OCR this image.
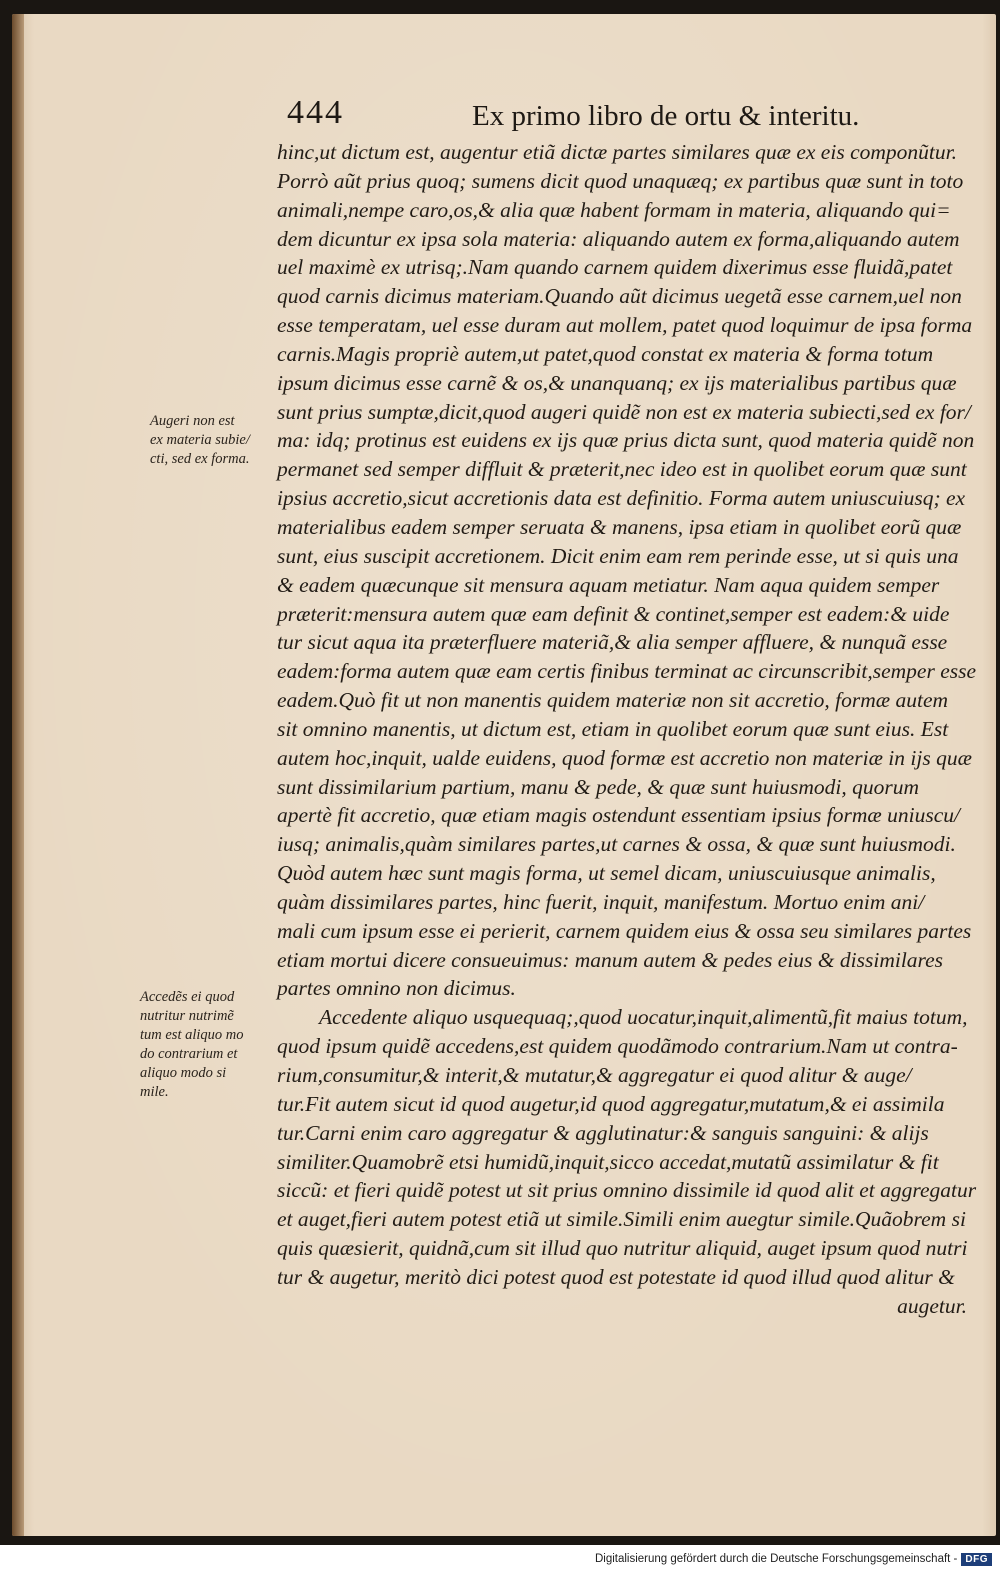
444	Ex primo libro de ortu & interitu.
hinc,ut dictum est, augentur etiã dictæ partes similares quæ ex eis componũtur.
Porrò aũt prius quoq; sumens dicit quod unaquæq; ex partibus quæ sunt in toto
animali,nempe caro,os,& alia quæ habent formam in materia, aliquando qui=
dem dicuntur ex ipsa sola materia: aliquando autem ex forma,aliquando autem
uel maximè ex utrisq;.Nam quando carnem quidem dixerimus esse fluidã,patet
quod carnis dicimus materiam.Quando aũt dicimus uegetã esse carnem,uel non
esse temperatam, uel esse duram aut mollem, patet quod loquimur de ipsa forma
carnis.Magis propriè autem,ut patet,quod constat ex materia & forma totum
ipsum dicimus esse carnẽ & os,& unanquanq; ex ijs materialibus partibus quæ
sunt prius sumptæ,dicit,quod augeri quidẽ non est ex materia subiecti,sed ex for/
ma: idq; protinus est euidens ex ijs quæ prius dicta sunt, quod materia quidẽ non
permanet sed semper diffluit & præterit,nec ideo est in quolibet eorum quæ sunt
ipsius accretio,sicut accretionis data est definitio. Forma autem uniuscuiusq; ex
materialibus eadem semper seruata & manens, ipsa etiam in quolibet eorũ quæ
sunt, eius suscipit accretionem. Dicit enim eam rem perinde esse, ut si quis una
& eadem quæcunque sit mensura aquam metiatur. Nam aqua quidem semper
præterit:mensura autem quæ eam definit & continet,semper est eadem:& uide
tur sicut aqua ita præterfluere materiã,& alia semper affluere, & nunquã esse
eadem:forma autem quæ eam certis finibus terminat ac circunscribit,semper esse
eadem.Quò fit ut non manentis quidem materiæ non sit accretio, formæ autem
sit omnino manentis, ut dictum est, etiam in quolibet eorum quæ sunt eius. Est
autem hoc,inquit, ualde euidens, quod formæ est accretio non materiæ in ijs quæ
sunt dissimilarium partium, manu & pede, & quæ sunt huiusmodi, quorum
apertè fit accretio, quæ etiam magis ostendunt essentiam ipsius formæ uniuscu/
iusq; animalis,quàm similares partes,ut carnes & ossa, & quæ sunt huiusmodi.
Quòd autem hæc sunt magis forma, ut semel dicam, uniuscuiusque animalis,
quàm dissimilares partes, hinc fuerit, inquit, manifestum. Mortuo enim ani/
mali cum ipsum esse ei perierit, carnem quidem eius & ossa seu similares partes
etiam mortui dicere consueuimus: manum autem & pedes eius & dissimilares
partes omnino non dicimus.
Accedente aliquo usquequaq;,quod uocatur,inquit,alimentũ,fit maius totum,
quod ipsum quidẽ accedens,est quidem quodãmodo contrarium.Nam ut contra-
rium,consumitur,& interit,& mutatur,& aggregatur ei quod alitur & auge/
tur.Fit autem sicut id quod augetur,id quod aggregatur,mutatum,& ei assimila
tur.Carni enim caro aggregatur & agglutinatur:& sanguis sanguini: & alijs
similiter.Quamobrẽ etsi humidũ,inquit,sicco accedat,mutatũ assimilatur & fit
siccũ: et fieri quidẽ potest ut sit prius omnino dissimile id quod alit et aggregatur
et auget,fieri autem potest etiã ut simile.Simili enim auegtur simile.Quãobrem si
quis quæsierit, quidnã,cum sit illud quo nutritur aliquid, auget ipsum quod nutri
tur & augetur, meritò dici potest quod est potestate id quod illud quod alitur &
augetur.
Augeri non est
ex materia subie/
cti, sed ex forma.
Accedẽs ei quod
nutritur nutrimẽ
tum est aliquo mo
do contrarium et
aliquo modo si
mile.
Digitalisierung gefördert durch die Deutsche Forschungsgemeinschaft - DFG
